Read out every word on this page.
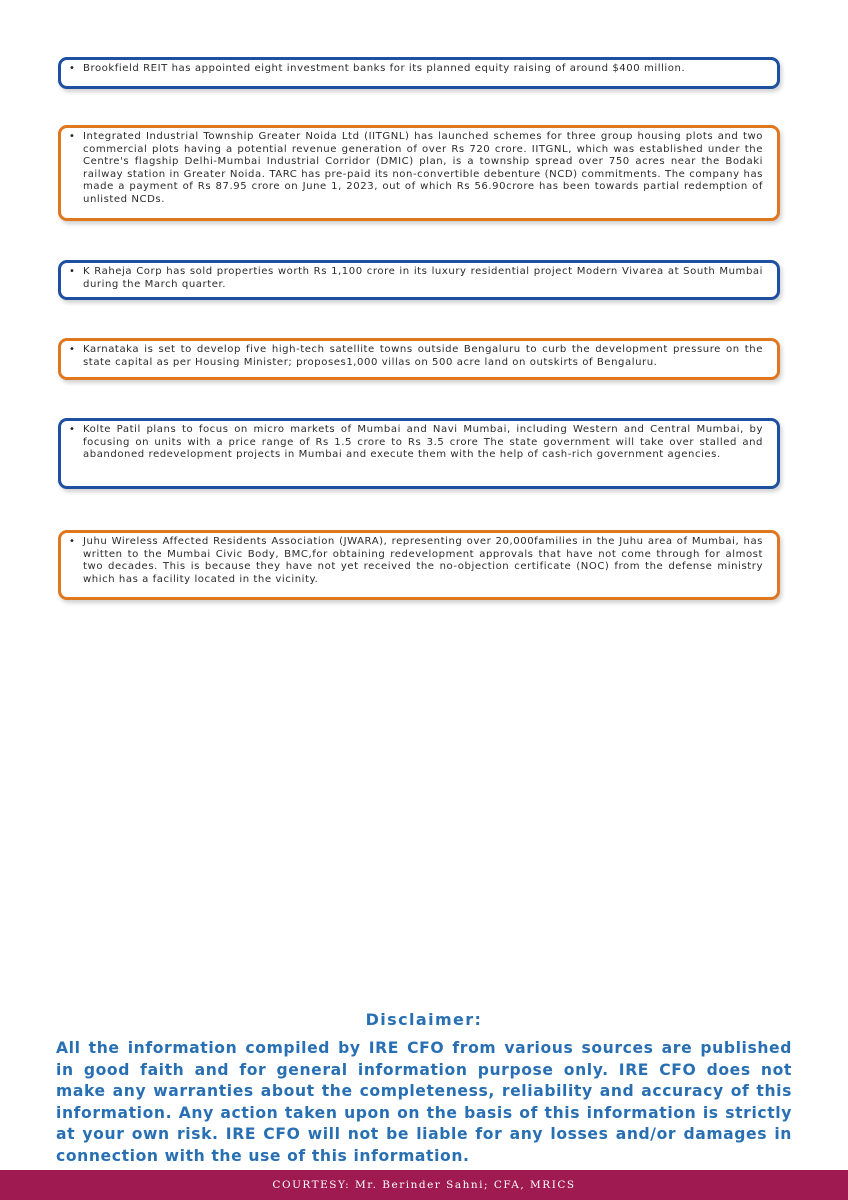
• Brookfield REIT has appointed eight investment banks for its planned equity raising of around $400 million.

• Integrated Industrial Township Greater Noida Ltd (IITGNL) has launched schemes for three group housing plots and two commercial plots having a potential revenue generation of over Rs 720 crore. IITGNL, which was established under the Centre's flagship Delhi-Mumbai Industrial Corridor (DMIC) plan, is a township spread over 750 acres near the Bodaki railway station in Greater Noida. TARC has pre-paid its non-convertible debenture (NCD) commitments. The company has made a payment of Rs 87.95 crore on June 1, 2023, out of which Rs 56.90crore has been towards partial redemption of unlisted NCDs.

• K Raheja Corp has sold properties worth Rs 1,100 crore in its luxury residential project Modern Vivarea at South Mumbai during the March quarter.

• Karnataka is set to develop five high-tech satellite towns outside Bengaluru to curb the development pressure on the state capital as per Housing Minister; proposes1,000 villas on 500 acre land on outskirts of Bengaluru.

• Kolte Patil plans to focus on micro markets of Mumbai and Navi Mumbai, including Western and Central Mumbai, by focusing on units with a price range of Rs 1.5 crore to Rs 3.5 crore The state government will take over stalled and abandoned redevelopment projects in Mumbai and execute them with the help of cash-rich government agencies.

• Juhu Wireless Affected Residents Association (JWARA), representing over 20,000families in the Juhu area of Mumbai, has written to the Mumbai Civic Body, BMC,for obtaining redevelopment approvals that have not come through for almost two decades. This is because they have not yet received the no-objection certificate (NOC) from the defense ministry which has a facility located in the vicinity.

Disclaimer:

All the information compiled by IRE CFO from various sources are published in good faith and for general information purpose only. IRE CFO does not make any warranties about the completeness, reliability and accuracy of this information. Any action taken upon on the basis of this information is strictly at your own risk. IRE CFO will not be liable for any losses and/or damages in connection with the use of this information.

COURTESY: Mr. Berinder Sahni; CFA, MRICS
